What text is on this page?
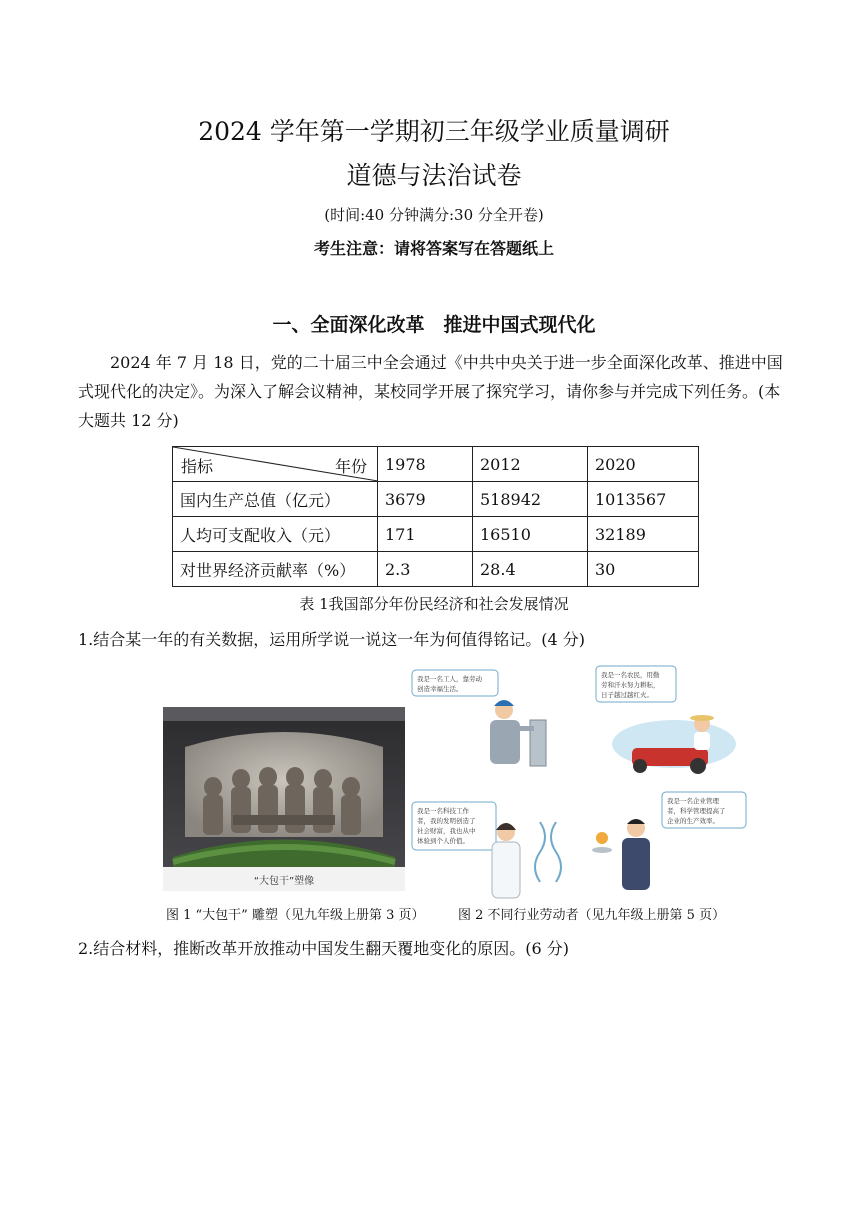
2024 学年第一学期初三年级学业质量调研
道德与法治试卷
(时间:40 分钟满分:30 分全开卷)
考生注意：请将答案写在答题纸上
一、全面深化改革　推进中国式现代化

2024 年 7 月 18 日，党的二十届三中全会通过《中共中央关于进一步全面深化改革、推进中国式现代化的决定》。为深入了解会议精神，某校同学开展了探究学习，请你参与并完成下列任务。(本大题共 12 分)

指标 年份	1978	2012	2020
国内生产总值（亿元）	3679	518942	1013567
人均可支配收入（元）	171	16510	32189
对世界经济贡献率（%）	2.3	28.4	30
表 1我国部分年份民经济和社会发展情况
1.结合某一年的有关数据，运用所学说一说这一年为何值得铭记。(4 分)
“大包干”塑像
我是一名工人，靠劳动
创造幸福生活。
我是一名农民，用勤
劳和汗水努力耕耘，
日子越过越红火。
我是一名科技工作
者，我的发明创造了
社会财富，我也从中
体验到个人价值。
我是一名企业管理
者，科学管理提高了
企业的生产效率。
图 1 “大包干” 雕塑（见九年级上册第 3 页）	图 2 不同行业劳动者（见九年级上册第 5 页）
2.结合材料，推断改革开放推动中国发生翻天覆地变化的原因。(6 分)
